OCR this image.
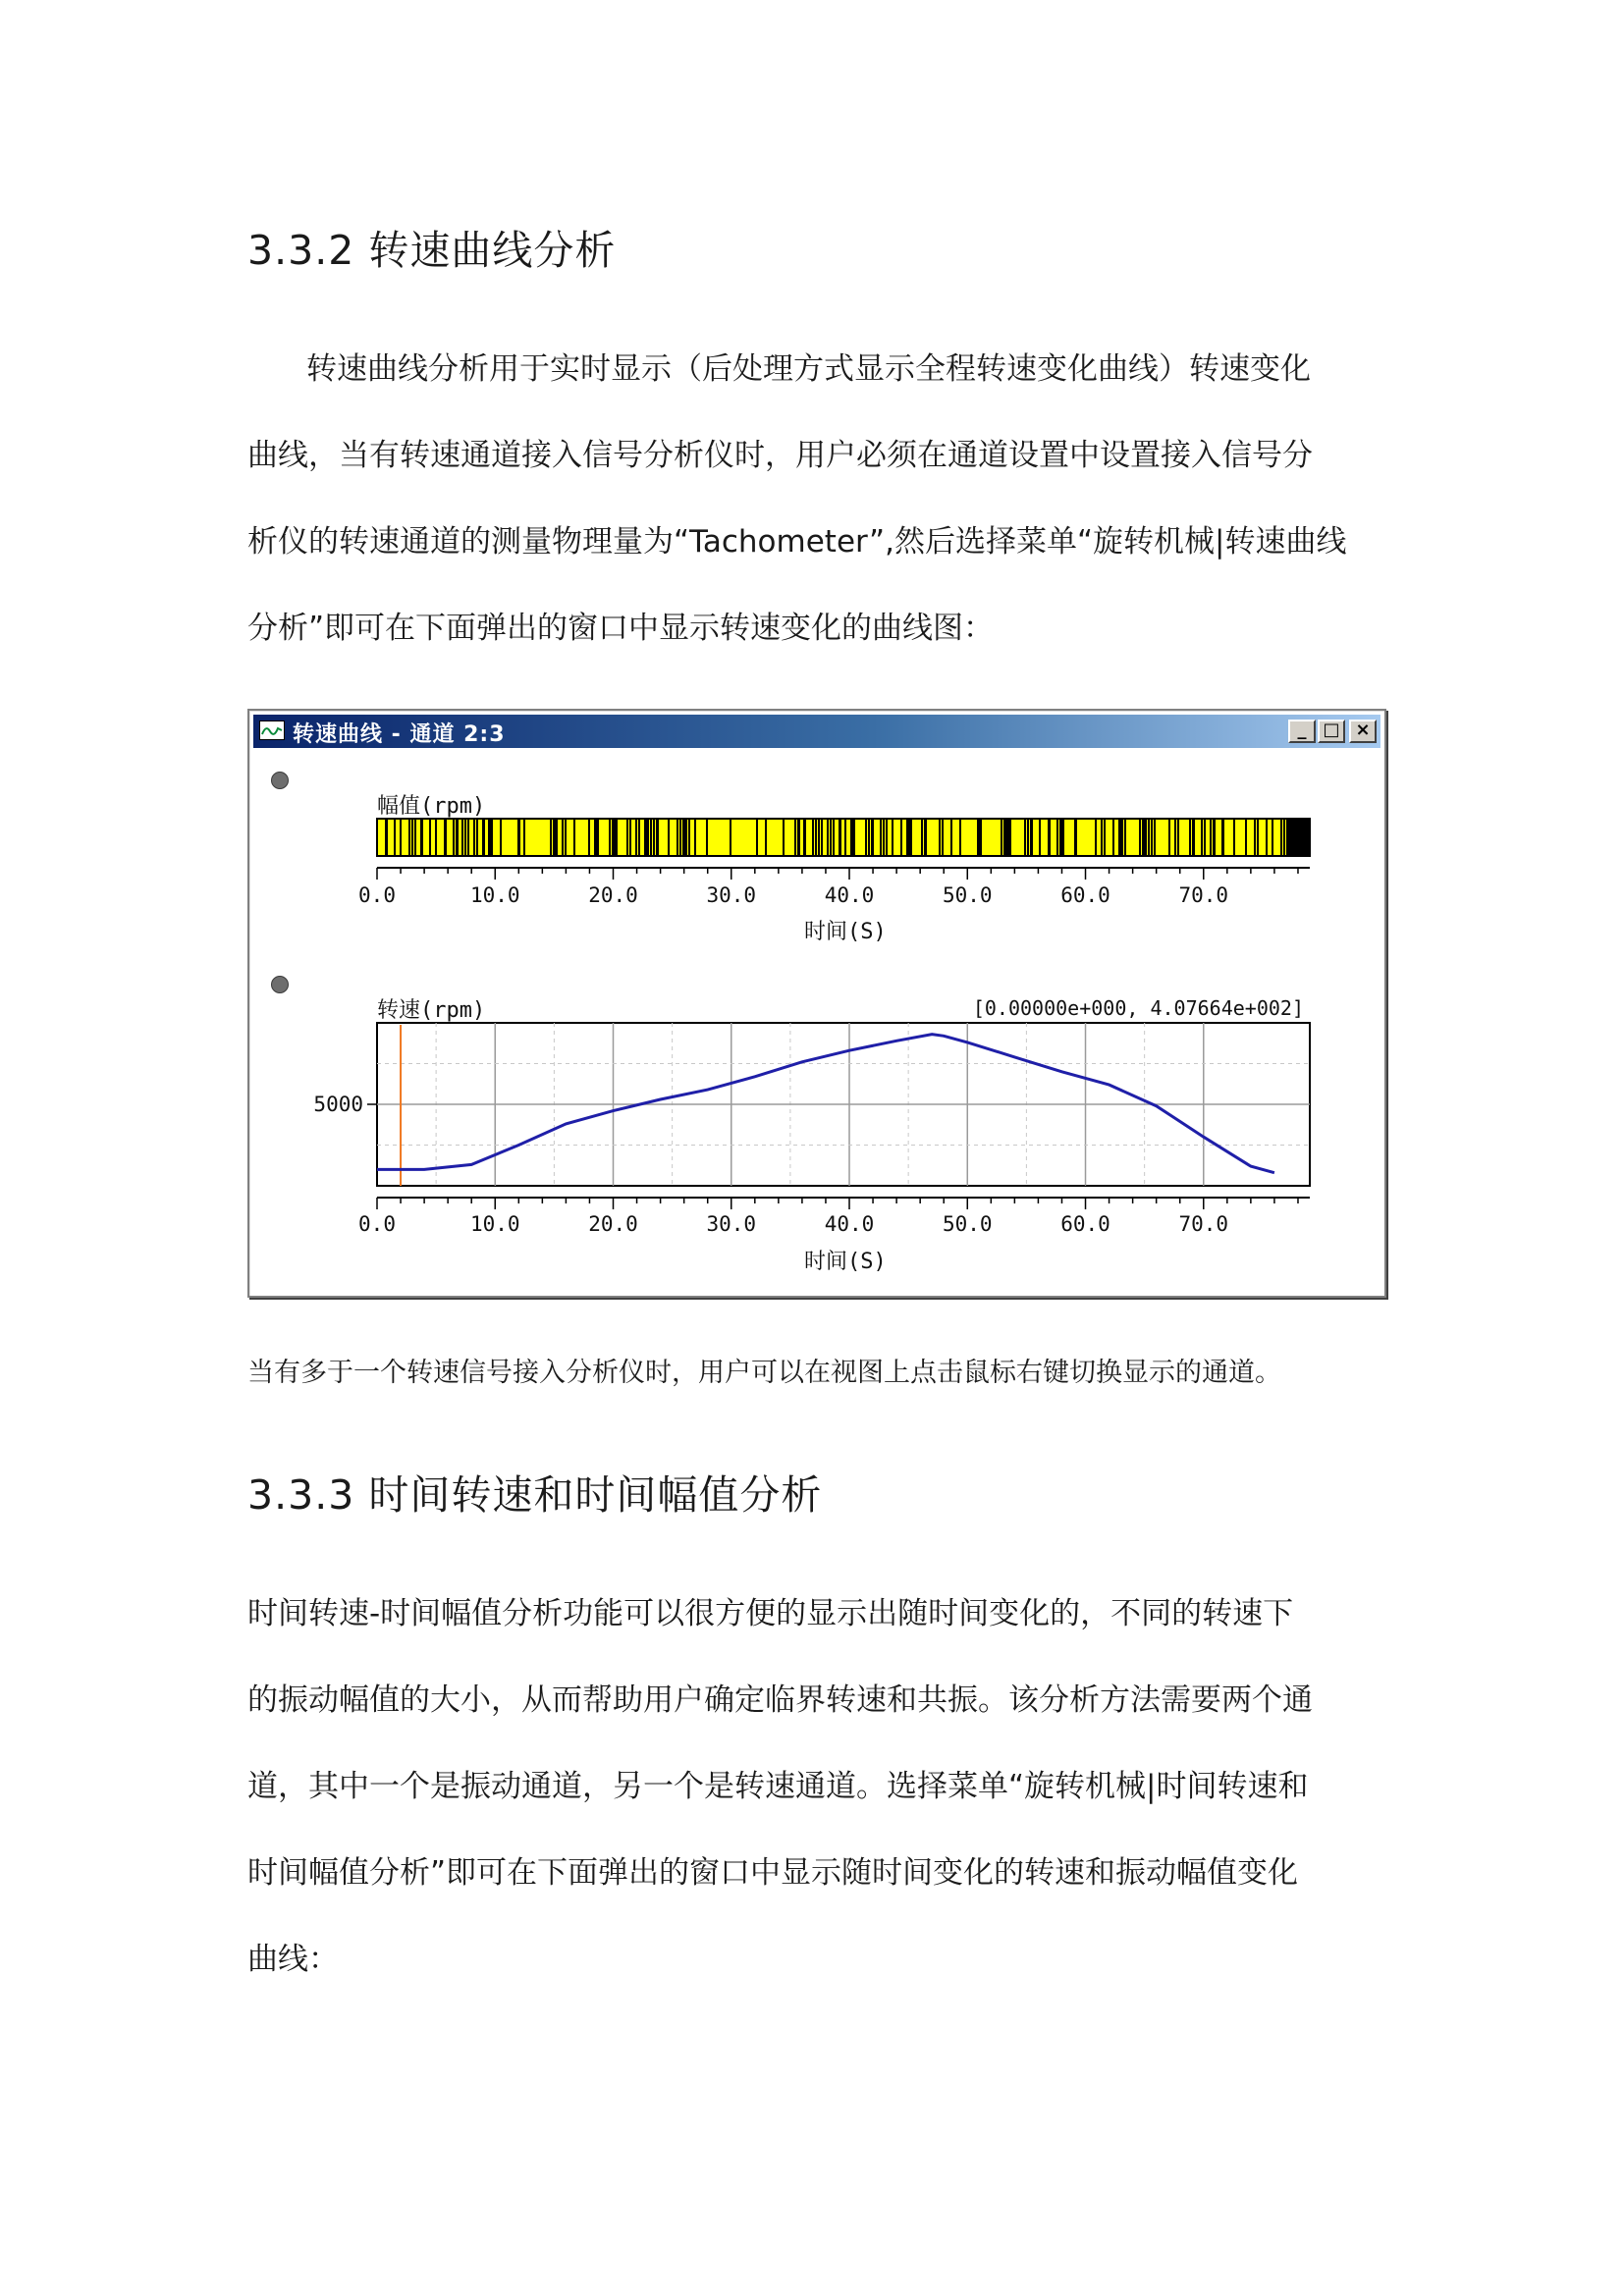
3.3.2 转速曲线分析
转速曲线分析用于实时显示（后处理方式显示全程转速变化曲线）转速变化
曲线，当有转速通道接入信号分析仪时，用户必须在通道设置中设置接入信号分
析仪的转速通道的测量物理量为“Tachometer”,然后选择菜单“旋转机械|转速曲线
分析”即可在下面弹出的窗口中显示转速变化的曲线图：
转速曲线 - 通道 2:3	_ □ ×
幅值(rpm)
0.0	10.0	20.0	30.0	40.0	50.0	60.0	70.0
时间(S)
转速(rpm)	[0.00000e+000, 4.07664e+002]
5000
0.0	10.0	20.0	30.0	40.0	50.0	60.0	70.0
时间(S)
当有多于一个转速信号接入分析仪时，用户可以在视图上点击鼠标右键切换显示的通道。
3.3.3 时间转速和时间幅值分析
时间转速-时间幅值分析功能可以很方便的显示出随时间变化的，不同的转速下
的振动幅值的大小，从而帮助用户确定临界转速和共振。该分析方法需要两个通
道，其中一个是振动通道，另一个是转速通道。选择菜单“旋转机械|时间转速和
时间幅值分析”即可在下面弹出的窗口中显示随时间变化的转速和振动幅值变化
曲线：
